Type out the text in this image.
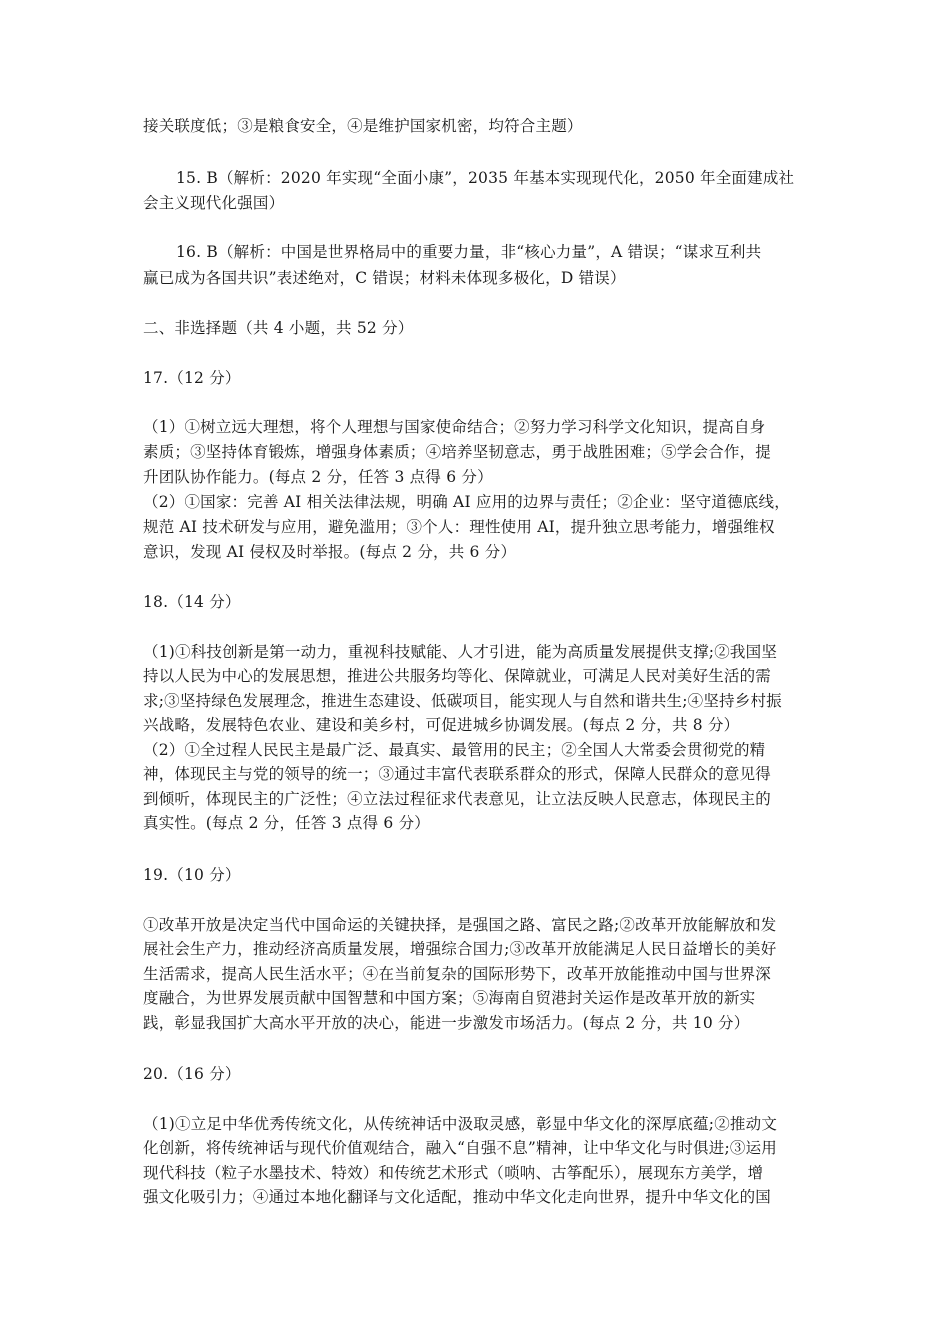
接关联度低；③是粮食安全，④是维护国家机密，均符合主题）
15. B（解析：2020 年实现“全面小康”，2035 年基本实现现代化，2050 年全面建成社
会主义现代化强国）
16. B（解析：中国是世界格局中的重要力量，非“核心力量”，A 错误；“谋求互利共
赢已成为各国共识”表述绝对，C 错误；材料未体现多极化，D 错误）
二、非选择题（共 4 小题，共 52 分）
17.（12 分）
（1）①树立远大理想，将个人理想与国家使命结合；②努力学习科学文化知识，提高自身
素质；③坚持体育锻炼，增强身体素质；④培养坚韧意志，勇于战胜困难；⑤学会合作，提
升团队协作能力。(每点 2 分，任答 3 点得 6 分）
（2）①国家：完善 AI 相关法律法规，明确 AI 应用的边界与责任；②企业：坚守道德底线，
规范 AI 技术研发与应用，避免滥用；③个人：理性使用 AI，提升独立思考能力，增强维权
意识，发现 AI 侵权及时举报。(每点 2 分，共 6 分）
18.（14 分）
（1)①科技创新是第一动力，重视科技赋能、人才引进，能为高质量发展提供支撑;②我国坚
持以人民为中心的发展思想，推进公共服务均等化、保障就业，可满足人民对美好生活的需
求;③坚持绿色发展理念，推进生态建设、低碳项目，能实现人与自然和谐共生;④坚持乡村振
兴战略，发展特色农业、建设和美乡村，可促进城乡协调发展。(每点 2 分，共 8 分）
（2）①全过程人民民主是最广泛、最真实、最管用的民主；②全国人大常委会贯彻党的精
神，体现民主与党的领导的统一；③通过丰富代表联系群众的形式，保障人民群众的意见得
到倾听，体现民主的广泛性；④立法过程征求代表意见，让立法反映人民意志，体现民主的
真实性。(每点 2 分，任答 3 点得 6 分）
19.（10 分）
①改革开放是决定当代中国命运的关键抉择，是强国之路、富民之路;②改革开放能解放和发
展社会生产力，推动经济高质量发展，增强综合国力;③改革开放能满足人民日益增长的美好
生活需求，提高人民生活水平；④在当前复杂的国际形势下，改革开放能推动中国与世界深
度融合，为世界发展贡献中国智慧和中国方案；⑤海南自贸港封关运作是改革开放的新实
践，彰显我国扩大高水平开放的决心，能进一步激发市场活力。(每点 2 分，共 10 分）
20.（16 分）
（1)①立足中华优秀传统文化，从传统神话中汲取灵感，彰显中华文化的深厚底蕴;②推动文
化创新，将传统神话与现代价值观结合，融入“自强不息”精神，让中华文化与时俱进;③运用
现代科技（粒子水墨技术、特效）和传统艺术形式（唢呐、古筝配乐），展现东方美学，增
强文化吸引力；④通过本地化翻译与文化适配，推动中华文化走向世界，提升中华文化的国
